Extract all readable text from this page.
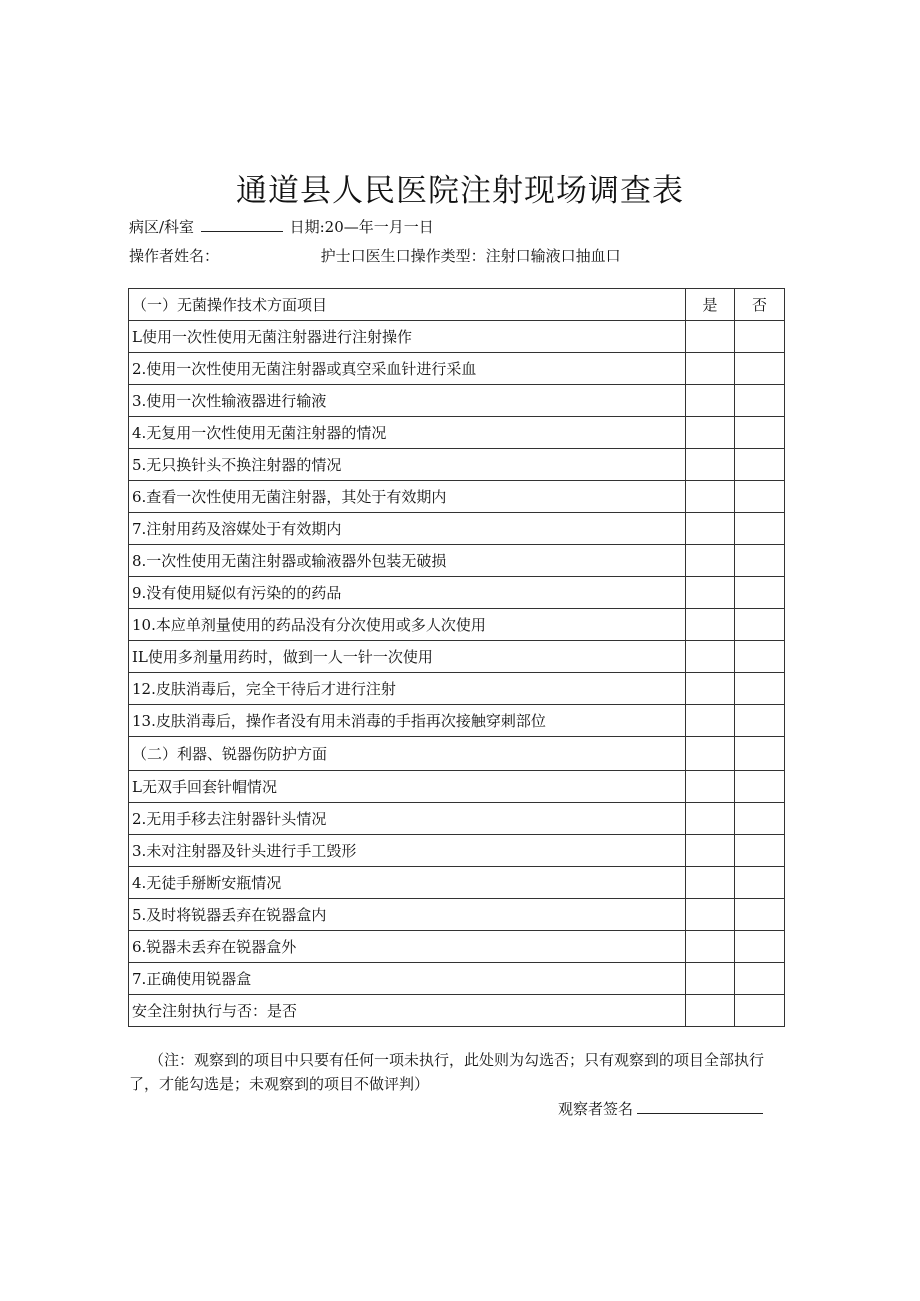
通道县人民医院注射现场调查表
病区/科室	日期:20—年一月一日
操作者姓名：	护士口医生口操作类型：注射口输液口抽血口
（一）无菌操作技术方面项目	是	否
L使用一次性使用无菌注射器进行注射操作		
2.使用一次性使用无菌注射器或真空采血针进行采血		
3.使用一次性输液器进行输液		
4.无复用一次性使用无菌注射器的情况		
5.无只换针头不换注射器的情况		
6.查看一次性使用无菌注射器，其处于有效期内		
7.注射用药及溶媒处于有效期内		
8.一次性使用无菌注射器或输液器外包装无破损		
9.没有使用疑似有污染的的药品		
10.本应单剂量使用的药品没有分次使用或多人次使用		
IL使用多剂量用药时，做到一人一针一次使用		
12.皮肤消毒后，完全干待后才进行注射		
13.皮肤消毒后，操作者没有用未消毒的手指再次接触穿刺部位		
（二）利器、锐器伤防护方面		
L无双手回套针帽情况		
2.无用手移去注射器针头情况		
3.未对注射器及针头进行手工毁形		
4.无徒手掰断安瓶情况		
5.及时将锐器丢弃在锐器盒内		
6.锐器未丢弃在锐器盒外		
7.正确使用锐器盒		
安全注射执行与否：是否		

（注：观察到的项目中只要有任何一项未执行，此处则为勾选否；只有观察到的项目全部执行了，才能勾选是；未观察到的项目不做评判）

观察者签名
